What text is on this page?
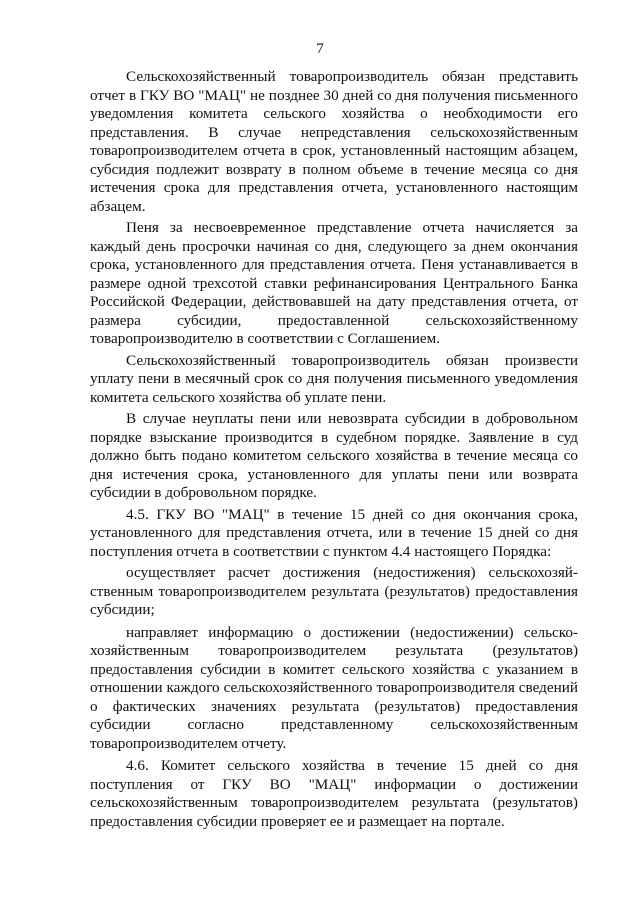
7

Сельскохозяйственный товаропроизводитель обязан представить отчет в ГКУ ВО "МАЦ" не позднее 30 дней со дня получения письменного уведомления комитета сельского хозяйства о необходимости его представления. В случае непредставления сельскохозяйственным товаропроизводителем отчета в срок, установленный настоящим абзацем, субсидия подлежит возврату в полном объеме в течение месяца со дня истечения срока для представления отчета, установленного настоящим абзацем.

Пеня за несвоевременное представление отчета начисляется за каждый день просрочки начиная со дня, следующего за днем окончания срока, установленного для представления отчета. Пеня устанавливается в размере одной трехсотой ставки рефинансирования Центрального Банка Российской Федерации, действовавшей на дату представления отчета, от размера субсидии, предоставленной сельскохозяйственному товаропроизводителю в соответствии с Соглашением.

Сельскохозяйственный товаропроизводитель обязан произвести уплату пени в месячный срок со дня получения письменного уведомления комитета сельского хозяйства об уплате пени.

В случае неуплаты пени или невозврата субсидии в добровольном порядке взыскание производится в судебном порядке. Заявление в суд должно быть подано комитетом сельского хозяйства в течение месяца со дня истечения срока, установленного для уплаты пени или возврата субсидии в добровольном порядке.

4.5. ГКУ ВО "МАЦ" в течение 15 дней со дня окончания срока, установленного для представления отчета, или в течение 15 дней со дня поступления отчета в соответствии с пунктом 4.4 настоящего Порядка:

осуществляет расчет достижения (недостижения) сельскохозяй-ственным товаропроизводителем результата (результатов) предоставления субсидии;

направляет информацию о достижении (недостижении) сельско-хозяйственным товаропроизводителем результата (результатов) предоставления субсидии в комитет сельского хозяйства с указанием в отношении каждого сельскохозяйственного товаропроизводителя сведений о фактических значениях результата (результатов) предоставления субсидии согласно представленному сельскохозяйственным товаропроизводителем отчету.

4.6. Комитет сельского хозяйства в течение 15 дней со дня поступления от ГКУ ВО "МАЦ" информации о достижении сельскохозяйственным товаропроизводителем результата (результатов) предоставления субсидии проверяет ее и размещает на портале.
